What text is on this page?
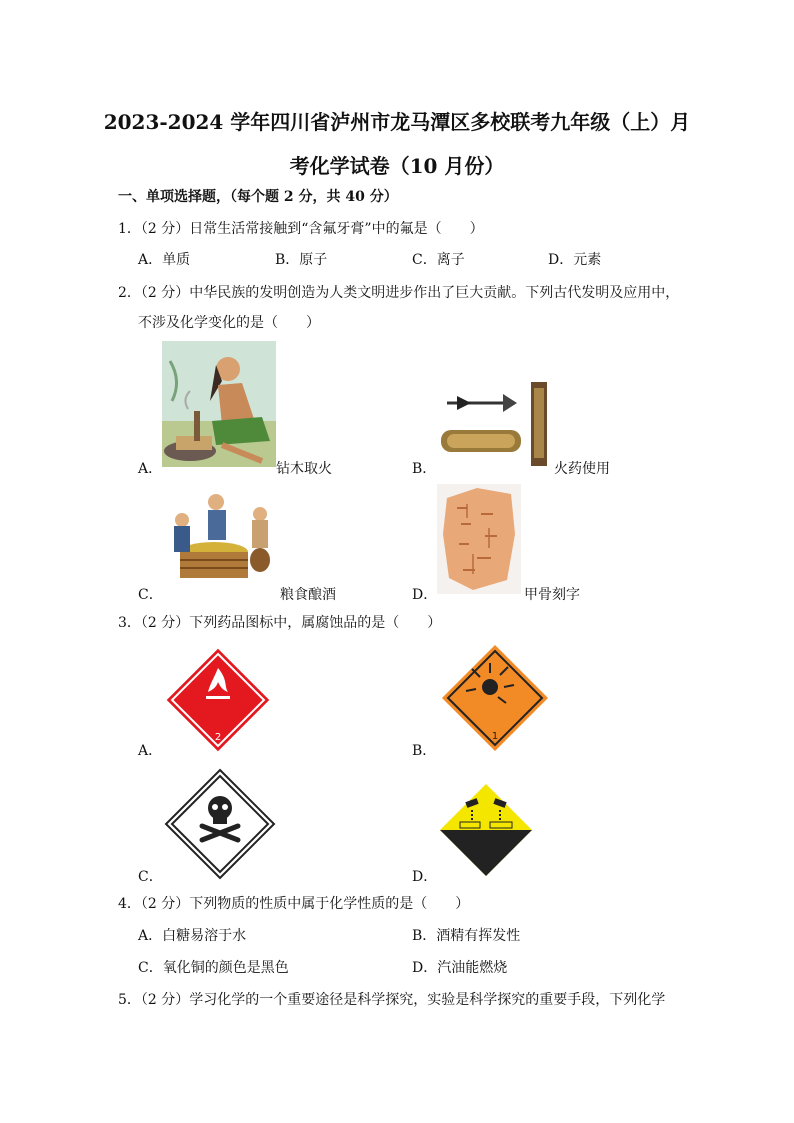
2023-2024 学年四川省泸州市龙马潭区多校联考九年级（上）月
考化学试卷（10 月份）
一、单项选择题，（每个题 2 分，共 40 分）
1．（2 分）日常生活常接触到“含氟牙膏”中的氟是（　　）
A．单质	B．原子	C．离子	D．元素
2．（2 分）中华民族的发明创造为人类文明进步作出了巨大贡献。下列古代发明及应用中，
不涉及化学变化的是（　　）
A．	钻木取火	B．	火药使用
C．	粮食酿酒	D．	甲骨刻字
3．（2 分）下列药品图标中，属腐蚀品的是（　　）
2
A．
1
B．
C．	D．
4．（2 分）下列物质的性质中属于化学性质的是（　　）
A．白糖易溶于水	B．酒精有挥发性
C．氧化铜的颜色是黑色	D．汽油能燃烧
5．（2 分）学习化学的一个重要途径是科学探究，实验是科学探究的重要手段，下列化学
